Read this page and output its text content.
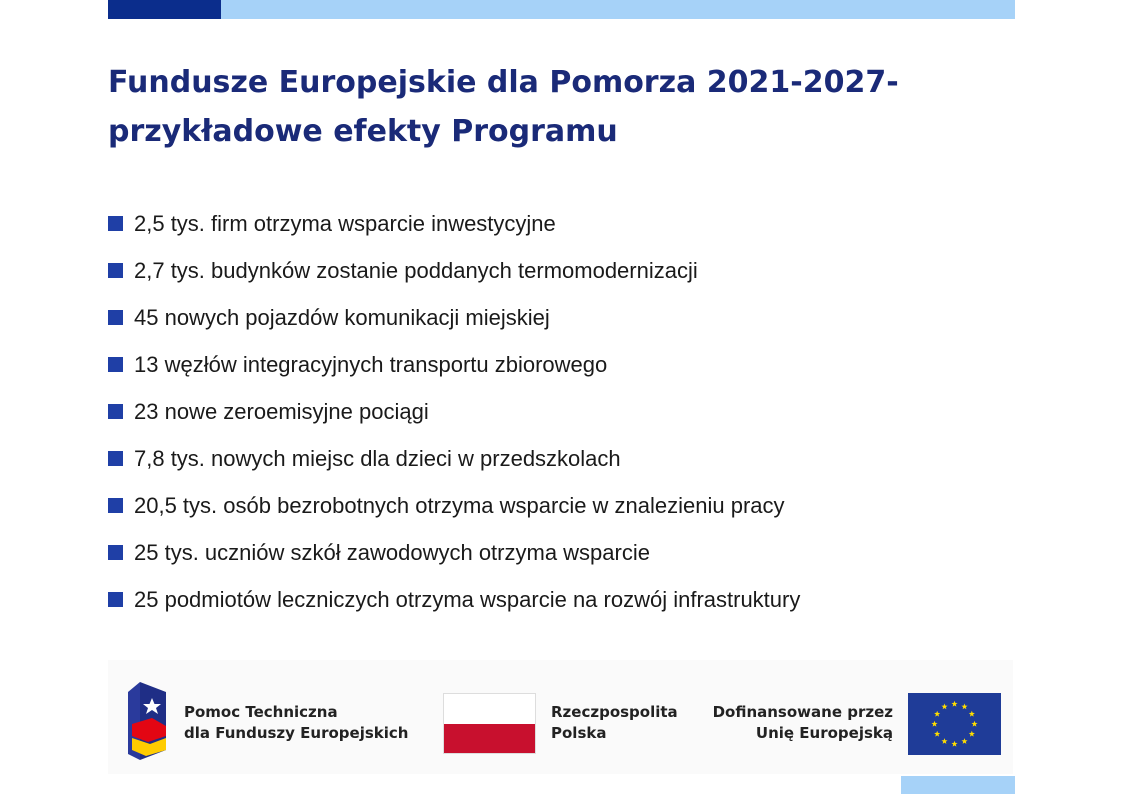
Fundusze Europejskie dla Pomorza 2021-2027-
przykładowe efekty Programu
2,5 tys. firm otrzyma wsparcie inwestycyjne
2,7 tys. budynków zostanie poddanych termomodernizacji
45 nowych pojazdów komunikacji miejskiej
13 węzłów integracyjnych transportu zbiorowego
23 nowe zeroemisyjne pociągi
7,8 tys. nowych miejsc dla dzieci w przedszkolach
20,5 tys. osób bezrobotnych otrzyma wsparcie w znalezieniu pracy
25 tys. uczniów szkół zawodowych otrzyma wsparcie
25 podmiotów leczniczych otrzyma wsparcie na rozwój infrastruktury
Pomoc Techniczna
dla Funduszy Europejskich
Rzeczpospolita
Polska
Dofinansowane przez
Unię Europejską
